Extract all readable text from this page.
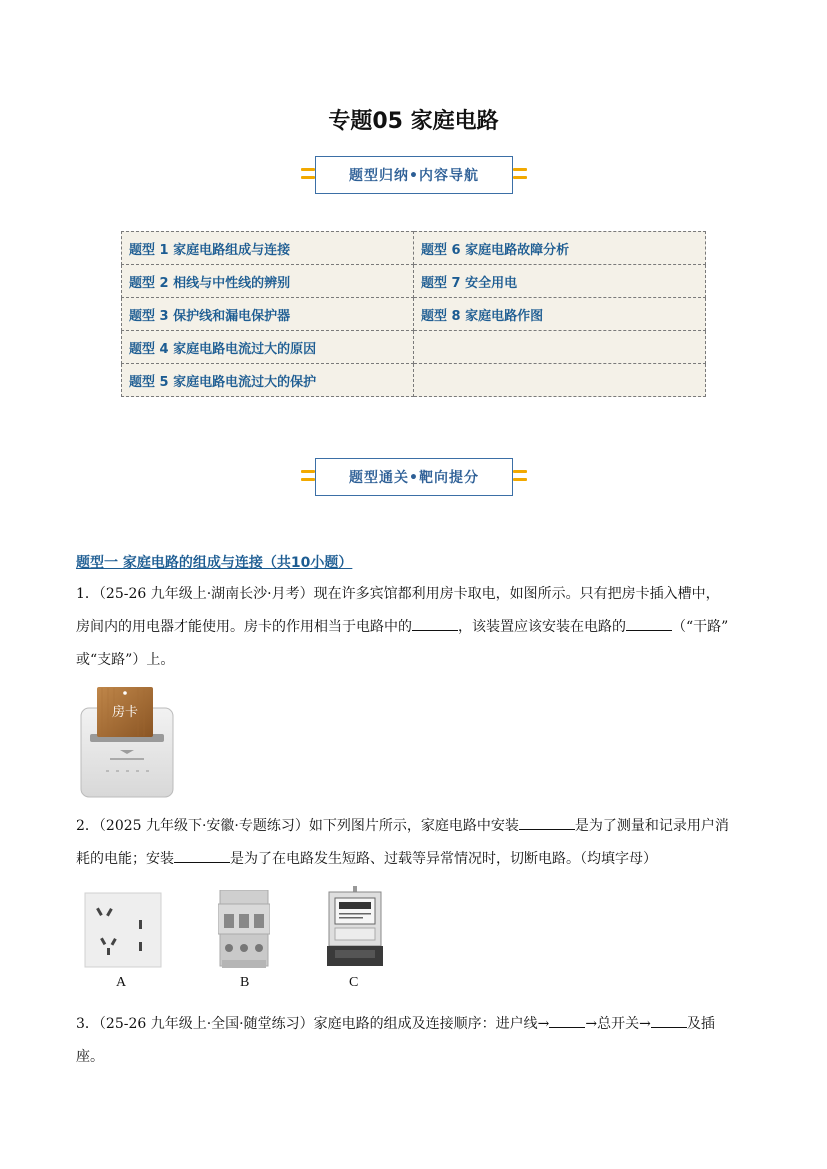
专题05 家庭电路
题型归纳•内容导航
题型 1 家庭电路组成与连接	题型 6 家庭电路故障分析
题型 2 相线与中性线的辨别	题型 7 安全用电
题型 3 保护线和漏电保护器	题型 8 家庭电路作图
题型 4 家庭电路电流过大的原因	
题型 5 家庭电路电流过大的保护	
题型通关•靶向提分
题型一 家庭电路的组成与连接（共10小题）
1．（25-26 九年级上·湖南长沙·月考）现在许多宾馆都利用房卡取电，如图所示。只有把房卡插入槽中，
房间内的用电器才能使用。房卡的作用相当于电路中的	，该装置应该安装在电路的	（“干路”
或“支路”）上。
房卡
2．（2025 九年级下·安徽·专题练习）如下列图片所示，家庭电路中安装	是为了测量和记录用户消
耗的电能；安装	是为了在电路发生短路、过载等异常情况时，切断电路。（均填字母）
A	B	C
3．（25-26 九年级上·全国·随堂练习）家庭电路的组成及连接顺序：进户线→	→总开关→	及插
座。
